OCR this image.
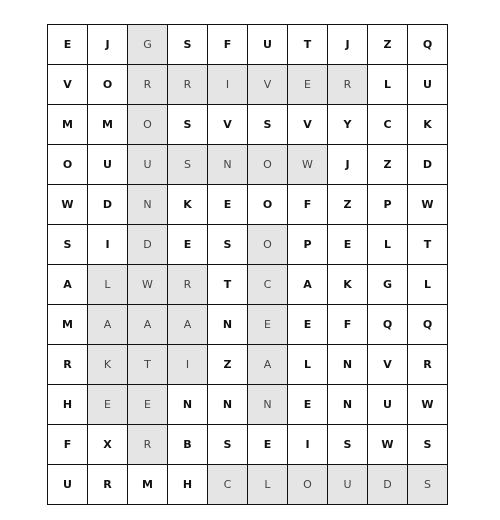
E	J	G	S	F	U	T	J	Z	Q
V	O	R	R	I	V	E	R	L	U
M	M	O	S	V	S	V	Y	C	K
O	U	U	S	N	O	W	J	Z	D
W	D	N	K	E	O	F	Z	P	W
S	I	D	E	S	O	P	E	L	T
A	L	W	R	T	C	A	K	G	L
M	A	A	A	N	E	E	F	Q	Q
R	K	T	I	Z	A	L	N	V	R
H	E	E	N	N	N	E	N	U	W
F	X	R	B	S	E	I	S	W	S
U	R	M	H	C	L	O	U	D	S
